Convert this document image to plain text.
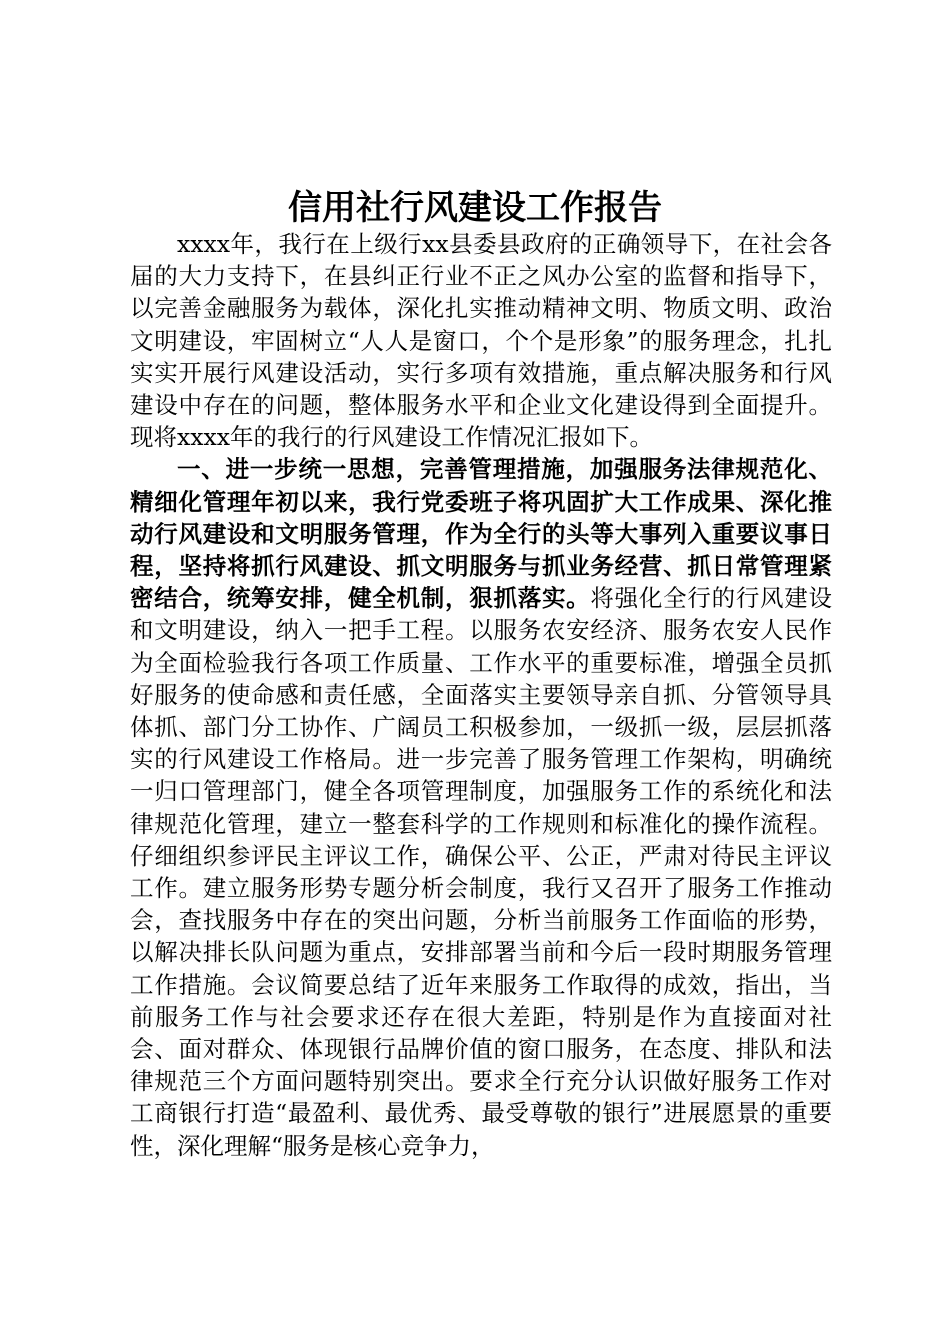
信用社行风建设工作报告

xxxx年，我行在上级行xx县委县政府的正确领导下，在社会各届的大力支持下，在县纠正行业不正之风办公室的监督和指导下，以完善金融服务为载体，深化扎实推动精神文明、物质文明、政治文明建设，牢固树立“人人是窗口，个个是形象”的服务理念，扎扎实实开展行风建设活动，实行多项有效措施，重点解决服务和行风建设中存在的问题，整体服务水平和企业文化建设得到全面提升。现将xxxx年的我行的行风建设工作情况汇报如下。

一、进一步统一思想，完善管理措施，加强服务法律规范化、精细化管理年初以来，我行党委班子将巩固扩大工作成果、深化推动行风建设和文明服务管理，作为全行的头等大事列入重要议事日程，坚持将抓行风建设、抓文明服务与抓业务经营、抓日常管理紧密结合，统筹安排，健全机制，狠抓落实。将强化全行的行风建设和文明建设，纳入一把手工程。以服务农安经济、服务农安人民作为全面检验我行各项工作质量、工作水平的重要标准，增强全员抓好服务的使命感和责任感，全面落实主要领导亲自抓、分管领导具体抓、部门分工协作、广阔员工积极参加，一级抓一级，层层抓落实的行风建设工作格局。进一步完善了服务管理工作架构，明确统一归口管理部门，健全各项管理制度，加强服务工作的系统化和法律规范化管理，建立一整套科学的工作规则和标准化的操作流程。仔细组织参评民主评议工作，确保公平、公正，严肃对待民主评议工作。建立服务形势专题分析会制度，我行又召开了服务工作推动会，查找服务中存在的突出问题，分析当前服务工作面临的形势，以解决排长队问题为重点，安排部署当前和今后一段时期服务管理工作措施。会议简要总结了近年来服务工作取得的成效，指出，当前服务工作与社会要求还存在很大差距，特别是作为直接面对社会、面对群众、体现银行品牌价值的窗口服务，在态度、排队和法律规范三个方面问题特别突出。要求全行充分认识做好服务工作对工商银行打造“最盈利、最优秀、最受尊敬的银行”进展愿景的重要性，深化理解“服务是核心竞争力，
